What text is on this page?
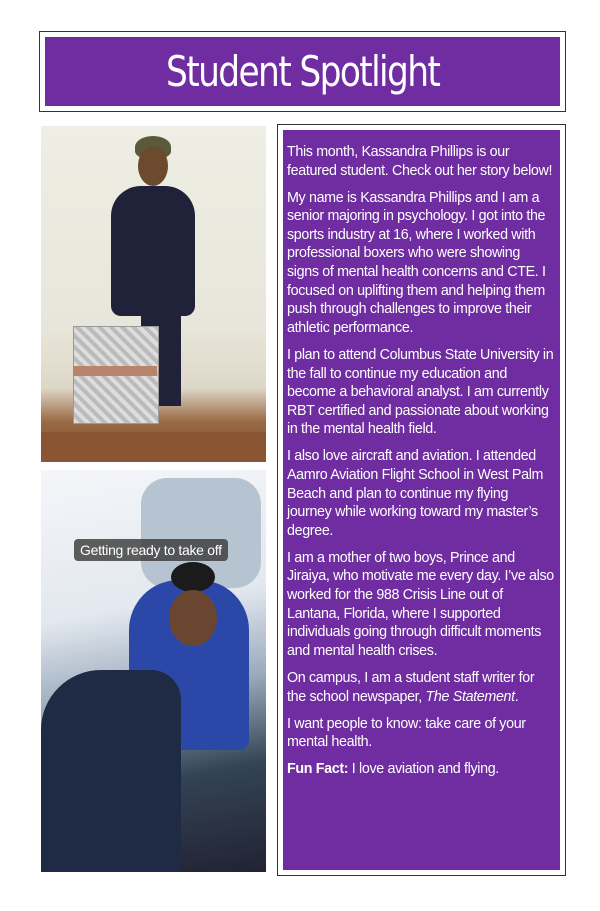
Student Spotlight
Getting ready to take off

This month, Kassandra Phillips is our featured student. Check out her story below!

My name is Kassandra Phillips and I am a senior majoring in psychology. I got into the sports industry at 16, where I worked with professional boxers who were showing signs of mental health concerns and CTE. I focused on uplifting them and helping them push through challenges to improve their athletic performance.

I plan to attend Columbus State University in the fall to continue my education and become a behavioral analyst. I am currently RBT certified and passionate about working in the mental health field.

I also love aircraft and aviation. I attended Aamro Aviation Flight School in West Palm Beach and plan to continue my flying journey while working toward my master’s degree.

I am a mother of two boys, Prince and Jiraiya, who motivate me every day. I’ve also worked for the 988 Crisis Line out of Lantana, Florida, where I supported individuals going through difficult moments and mental health crises.

On campus, I am a student staff writer for the school newspaper, The Statement.

I want people to know: take care of your mental health.

Fun Fact: I love aviation and flying.
